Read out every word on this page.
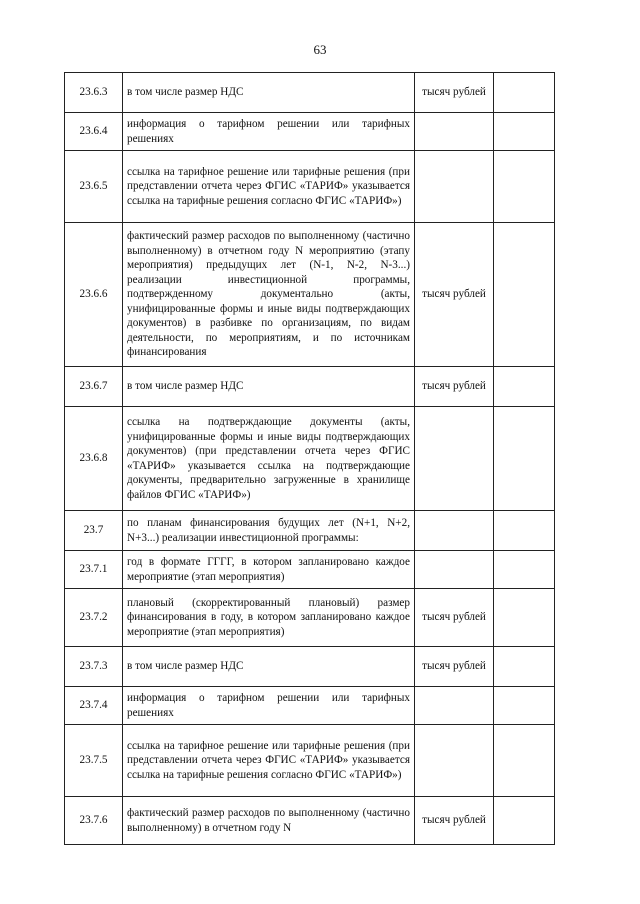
63
23.6.3	в том числе размер НДС	тысяч рублей	
23.6.4	информация о тарифном решении или тарифных решениях		
23.6.5	ссылка на тарифное решение или тарифные решения (при представлении отчета через ФГИС «ТАРИФ» указывается ссылка на тарифные решения согласно ФГИС «ТАРИФ»)		
23.6.6	фактический размер расходов по выполненному (частично выполненному) в отчетном году N мероприятию (этапу мероприятия) предыдущих лет (N-1, N-2, N-3...) реализации инвестиционной программы, подтвержденному документально (акты, унифицированные формы и иные виды подтверждающих документов) в разбивке по организациям, по видам деятельности, по мероприятиям, и по источникам финансирования	тысяч рублей	
23.6.7	в том числе размер НДС	тысяч рублей	
23.6.8	ссылка на подтверждающие документы (акты, унифицированные формы и иные виды подтверждающих документов) (при представлении отчета через ФГИС «ТАРИФ» указывается ссылка на подтверждающие документы, предварительно загруженные в хранилище файлов ФГИС «ТАРИФ»)		
23.7	по планам финансирования будущих лет (N+1, N+2, N+3...) реализации инвестиционной программы:		
23.7.1	год в формате ГГГГ, в котором запланировано каждое мероприятие (этап мероприятия)		
23.7.2	плановый (скорректированный плановый) размер финансирования в году, в котором запланировано каждое мероприятие (этап мероприятия)	тысяч рублей	
23.7.3	в том числе размер НДС	тысяч рублей	
23.7.4	информация о тарифном решении или тарифных решениях		
23.7.5	ссылка на тарифное решение или тарифные решения (при представлении отчета через ФГИС «ТАРИФ» указывается ссылка на тарифные решения согласно ФГИС «ТАРИФ»)		
23.7.6	фактический размер расходов по выполненному (частично выполненному) в отчетном году N	тысяч рублей	
